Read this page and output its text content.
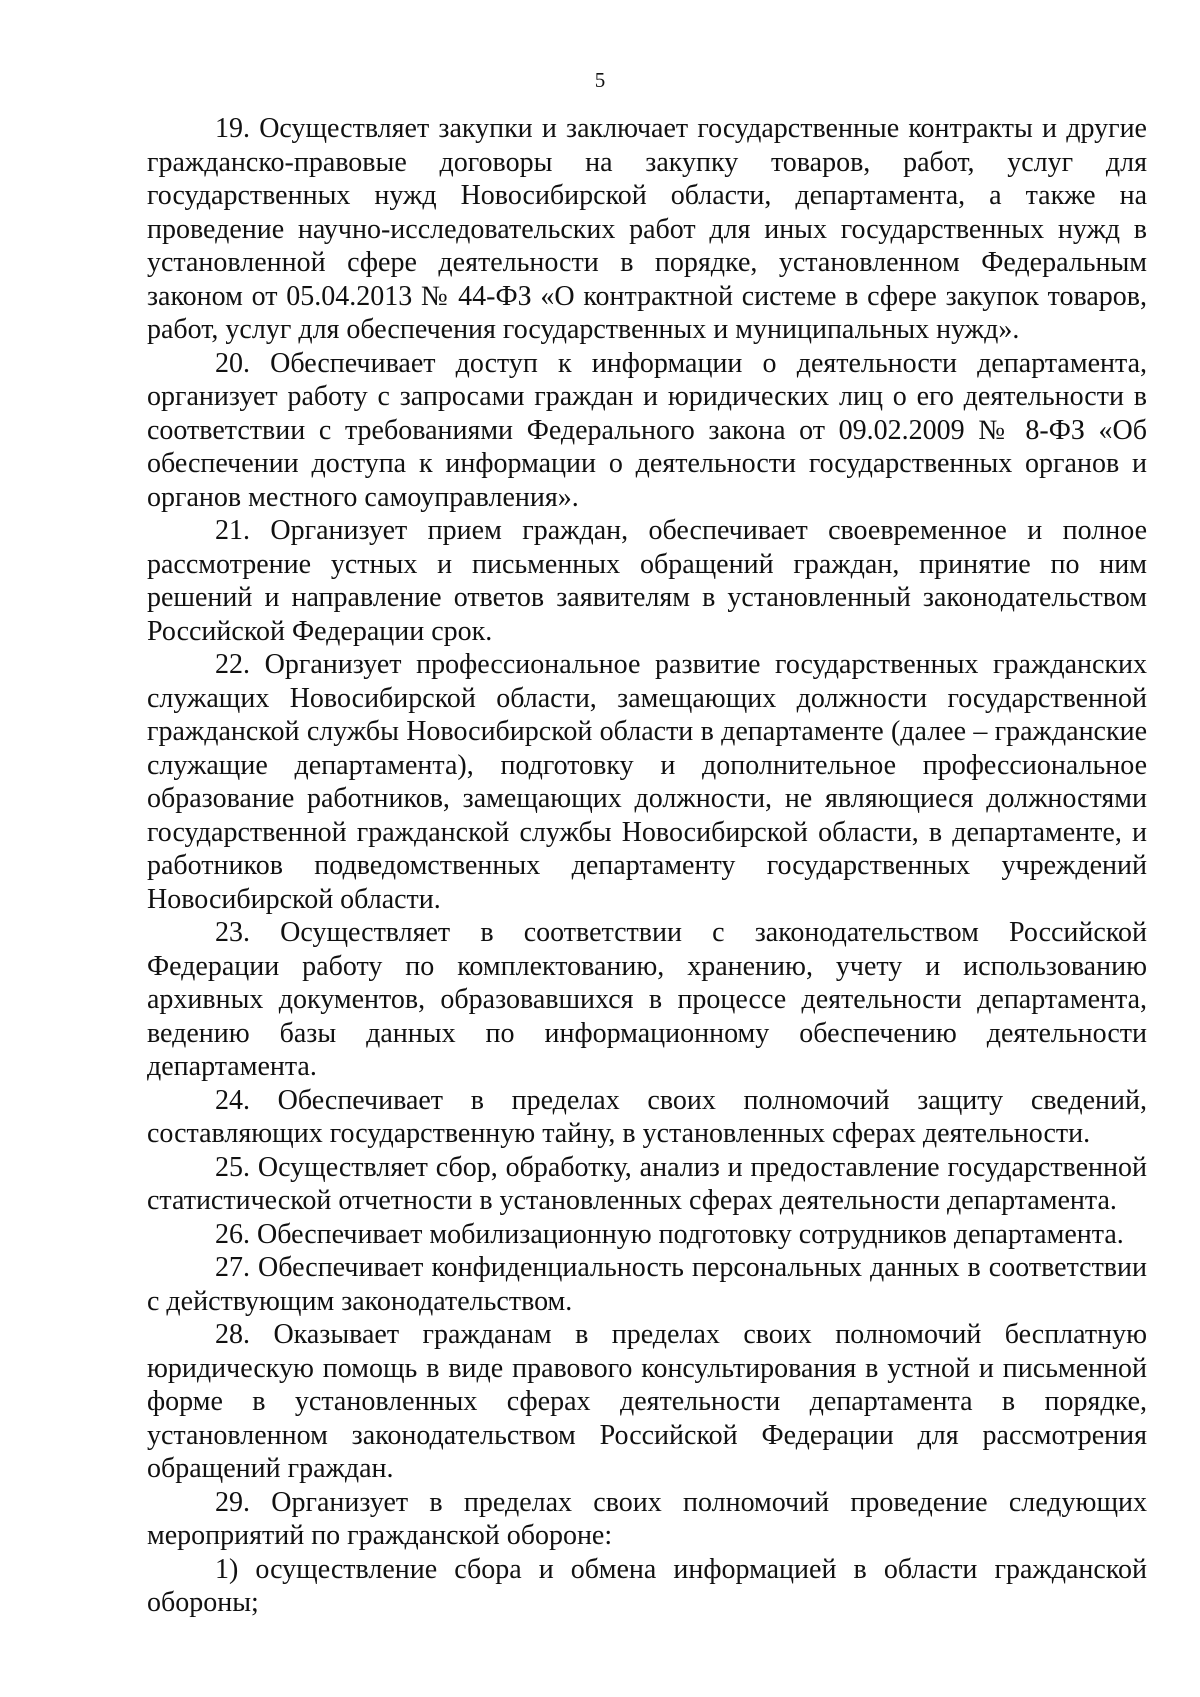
5

19. Осуществляет закупки и заключает государственные контракты и другие гражданско-правовые договоры на закупку товаров, работ, услуг для государственных нужд Новосибирской области, департамента, а также на проведение научно-исследовательских работ для иных государственных нужд в установленной сфере деятельности в порядке, установленном Федеральным законом от 05.04.2013 № 44-ФЗ «О контрактной системе в сфере закупок товаров, работ, услуг для обеспечения государственных и муниципальных нужд».

20. Обеспечивает доступ к информации о деятельности департамента, организует работу с запросами граждан и юридических лиц о его деятельности в соответствии с требованиями Федерального закона от 09.02.2009 № 8-ФЗ «Об обеспечении доступа к информации о деятельности государственных органов и органов местного самоуправления».

21. Организует прием граждан, обеспечивает своевременное и полное рассмотрение устных и письменных обращений граждан, принятие по ним решений и направление ответов заявителям в установленный законодательством Российской Федерации срок.

22. Организует профессиональное развитие государственных гражданских служащих Новосибирской области, замещающих должности государственной гражданской службы Новосибирской области в департаменте (далее – гражданские служащие департамента), подготовку и дополнительное профессиональное образование работников, замещающих должности, не являющиеся должностями государственной гражданской службы Новосибирской области, в департаменте, и работников подведомственных департаменту государственных учреждений Новосибирской области.

23. Осуществляет в соответствии с законодательством Российской Федерации работу по комплектованию, хранению, учету и использованию архивных документов, образовавшихся в процессе деятельности департамента, ведению базы данных по информационному обеспечению деятельности департамента.

24. Обеспечивает в пределах своих полномочий защиту сведений, составляющих государственную тайну, в установленных сферах деятельности.

25. Осуществляет сбор, обработку, анализ и предоставление государственной статистической отчетности в установленных сферах деятельности департамента.

26. Обеспечивает мобилизационную подготовку сотрудников департамента.

27. Обеспечивает конфиденциальность персональных данных в соответствии с действующим законодательством.

28. Оказывает гражданам в пределах своих полномочий бесплатную юридическую помощь в виде правового консультирования в устной и письменной форме в установленных сферах деятельности департамента в порядке, установленном законодательством Российской Федерации для рассмотрения обращений граждан.

29. Организует в пределах своих полномочий проведение следующих мероприятий по гражданской обороне:

1) осуществление сбора и обмена информацией в области гражданской обороны;
